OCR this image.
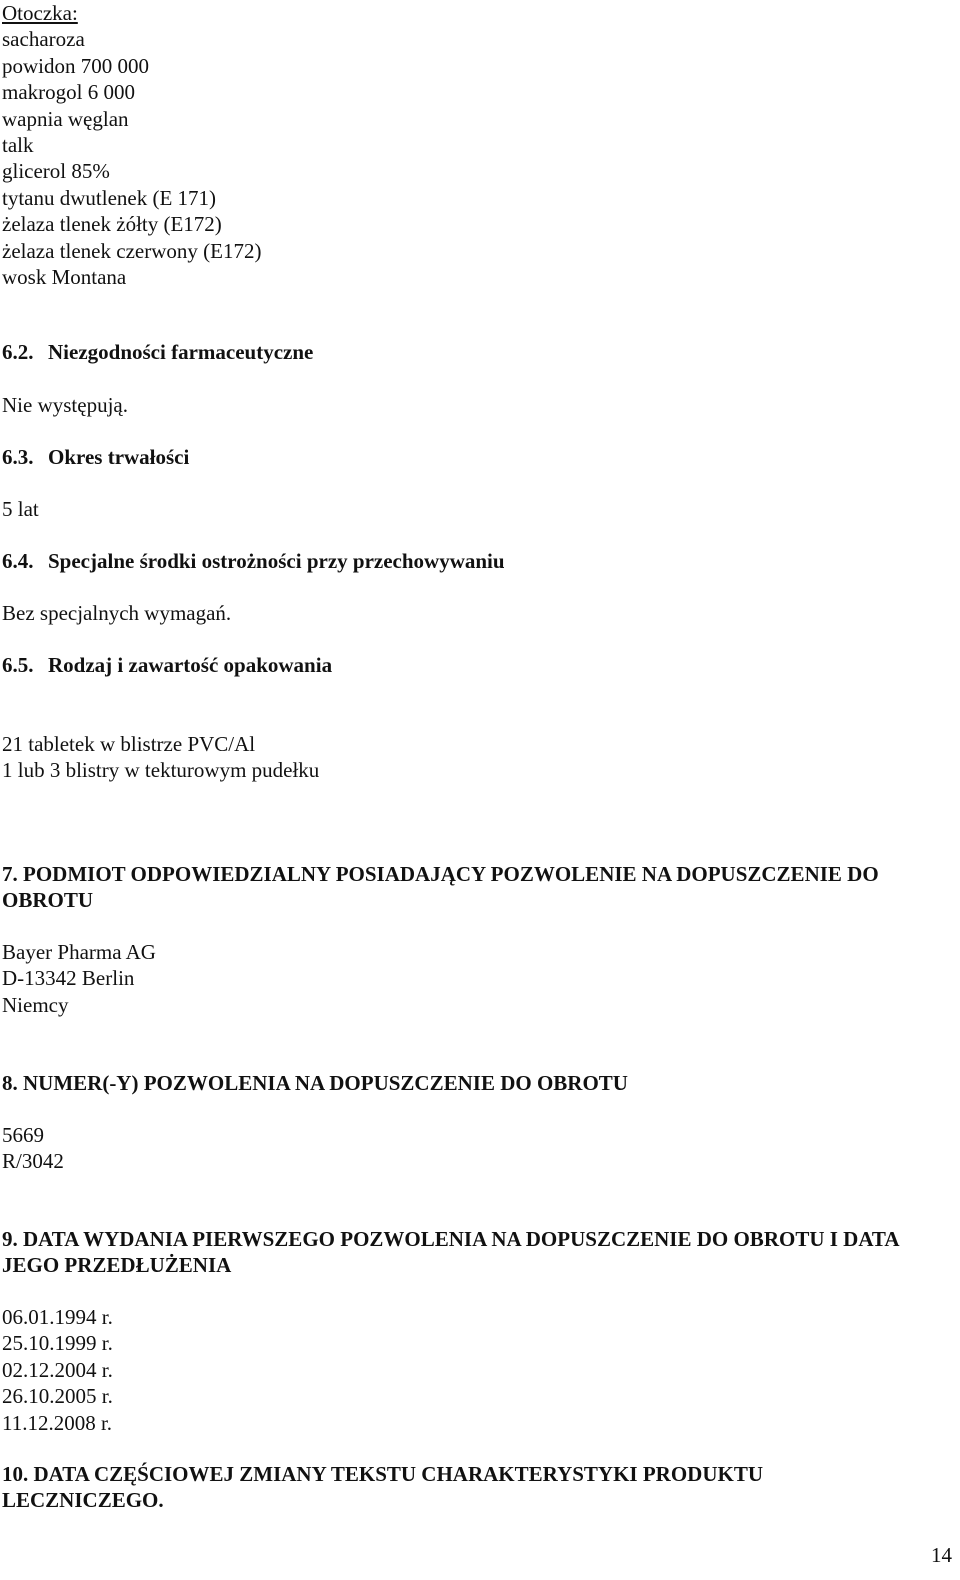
Otoczka:
sacharoza
powidon 700 000
makrogol 6 000
wapnia węglan
talk
glicerol 85%
tytanu dwutlenek (E 171)
żelaza tlenek żółty (E172)
żelaza tlenek czerwony (E172)
wosk Montana
6.2. Niezgodności farmaceutyczne
Nie występują.
6.3. Okres trwałości
5 lat
6.4. Specjalne środki ostrożności przy przechowywaniu
Bez specjalnych wymagań.
6.5. Rodzaj i zawartość opakowania
21 tabletek w blistrze PVC/Al
1 lub 3 blistry w tekturowym pudełku
7. PODMIOT ODPOWIEDZIALNY POSIADAJĄCY POZWOLENIE NA DOPUSZCZENIE DO OBROTU
Bayer Pharma AG
D-13342 Berlin
Niemcy
8. NUMER(-Y) POZWOLENIA NA DOPUSZCZENIE DO OBROTU
5669
R/3042
9. DATA WYDANIA PIERWSZEGO POZWOLENIA NA DOPUSZCZENIE DO OBROTU I DATA JEGO PRZEDŁUŻENIA
06.01.1994 r.
25.10.1999 r.
02.12.2004 r.
26.10.2005 r.
11.12.2008 r.
10. DATA CZĘŚCIOWEJ ZMIANY TEKSTU CHARAKTERYSTYKI PRODUKTU LECZNICZEGO.
14
